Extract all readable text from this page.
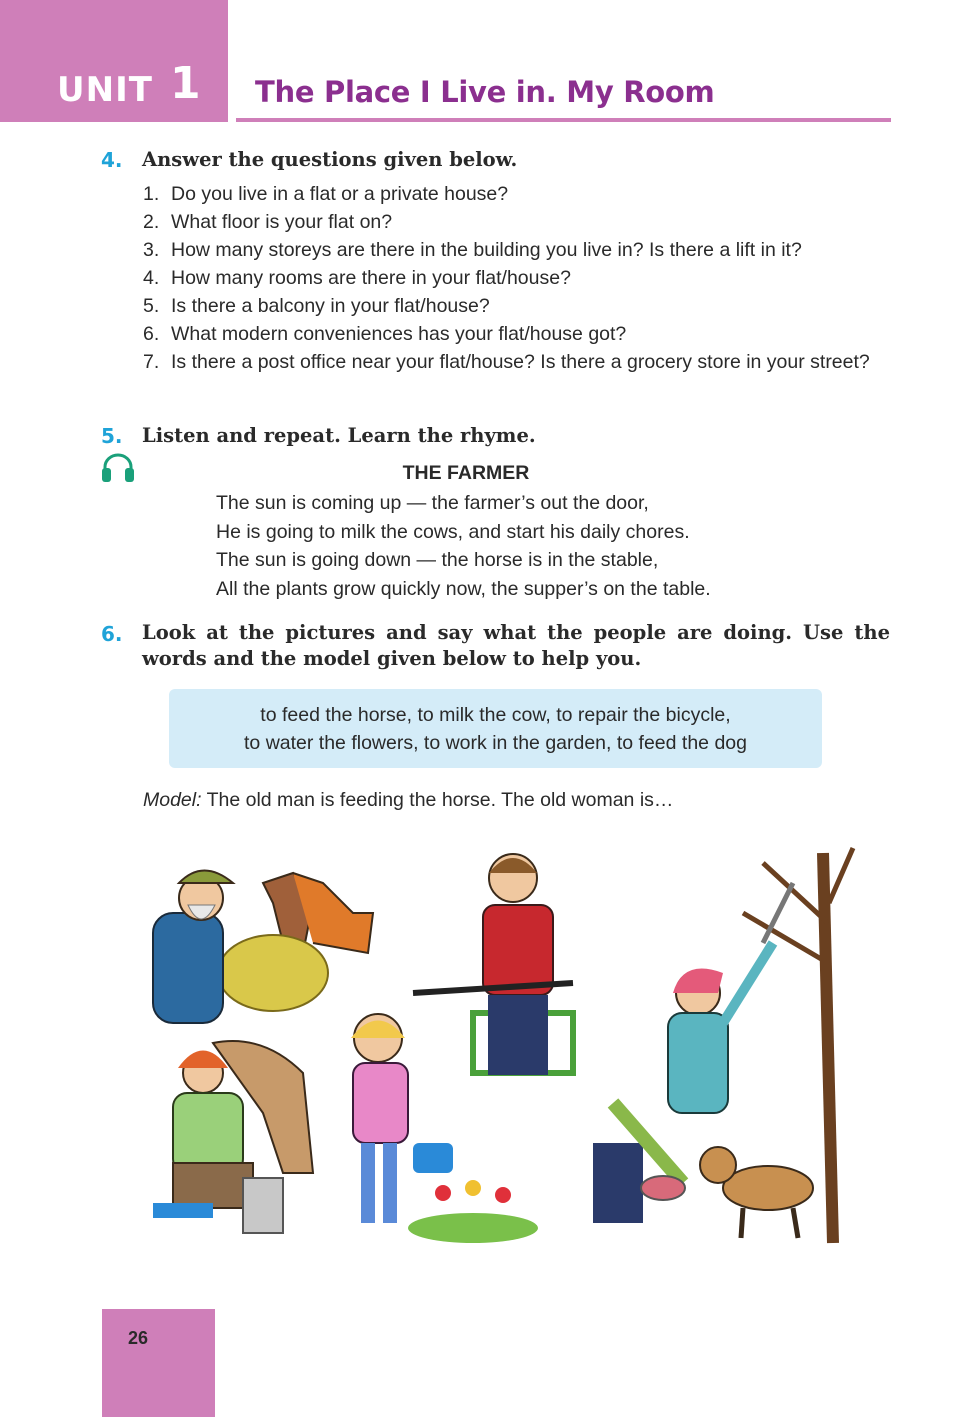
UNIT 1 The Place I Live in. My Room
4. Answer the questions given below.
1. Do you live in a flat or a private house?
2. What floor is your flat on?
3. How many storeys are there in the building you live in? Is there a lift in it?
4. How many rooms are there in your flat/house?
5. Is there a balcony in your flat/house?
6. What modern conveniences has your flat/house got?
7. Is there a post office near your flat/house? Is there a grocery store in your street?
5. Listen and repeat. Learn the rhyme.
THE FARMER
The sun is coming up — the farmer’s out the door,
He is going to milk the cows, and start his daily chores.
The sun is going down — the horse is in the stable,
All the plants grow quickly now, the supper’s on the table.
6. Look at the pictures and say what the people are doing. Use the words and the model given below to help you.
to feed the horse, to milk the cow, to repair the bicycle,
to water the flowers, to work in the garden, to feed the dog
Model: The old man is feeding the horse. The old woman is…
26
